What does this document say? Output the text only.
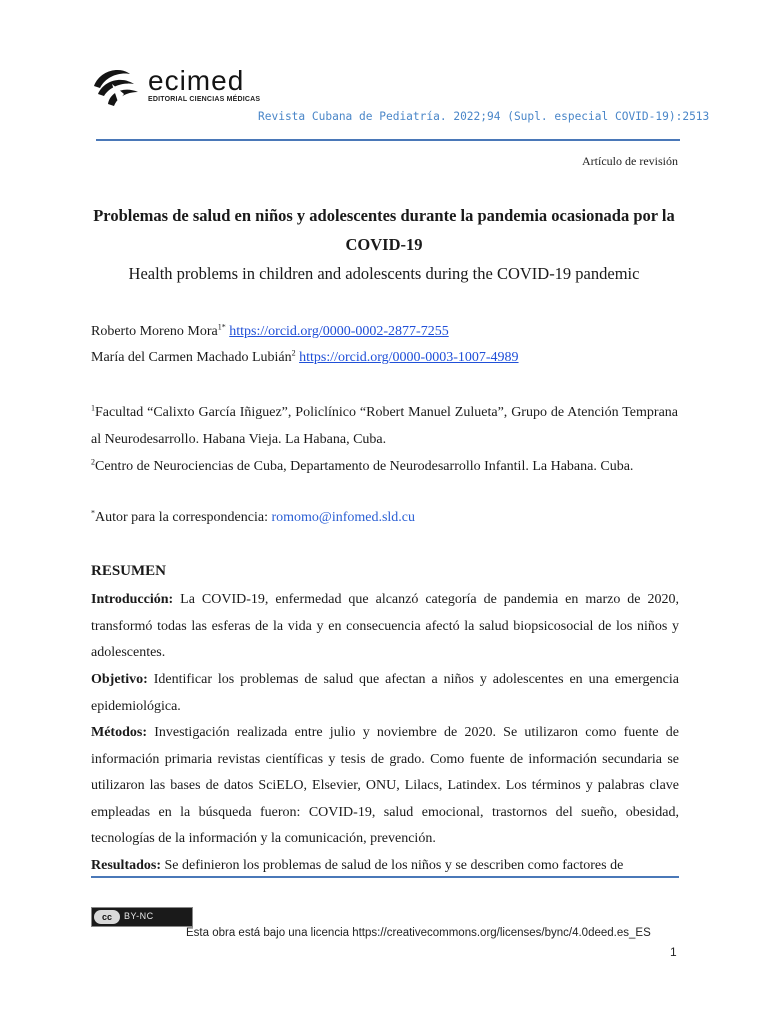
ecimed
EDITORIAL CIENCIAS MÉDICAS
Revista Cubana de Pediatría. 2022;94 (Supl. especial COVID-19):2513
Artículo de revisión
Problemas de salud en niños y adolescentes durante la pandemia ocasionada por la COVID-19
Health problems in children and adolescents during the COVID-19 pandemic
Roberto Moreno Mora$^{1*}$ https://orcid.org/0000-0002-2877-7255
María del Carmen Machado Lubián$^2$ https://orcid.org/0000-0003-1007-4989
$^1$Facultad “Calixto García Iñiguez”, Policlínico “Robert Manuel Zulueta”, Grupo de Atención Temprana al Neurodesarrollo. Habana Vieja. La Habana, Cuba.
$^2$Centro de Neurociencias de Cuba, Departamento de Neurodesarrollo Infantil. La Habana. Cuba.
*Autor para la correspondencia: romomo@infomed.sld.cu
RESUMEN
Introducción: La COVID-19, enfermedad que alcanzó categoría de pandemia en marzo de 2020, transformó todas las esferas de la vida y en consecuencia afectó la salud biopsicosocial de los niños y adolescentes.
Objetivo: Identificar los problemas de salud que afectan a niños y adolescentes en una emergencia epidemiológica.
Métodos: Investigación realizada entre julio y noviembre de 2020. Se utilizaron como fuente de información primaria revistas científicas y tesis de grado. Como fuente de información secundaria se utilizaron las bases de datos SciELO, Elsevier, ONU, Lilacs, Latindex. Los términos y palabras clave empleadas en la búsqueda fueron: COVID-19, salud emocional, trastornos del sueño, obesidad, tecnologías de la información y la comunicación, prevención.
Resultados: Se definieron los problemas de salud de los niños y se describen como factores de
cc	BY-NC
Esta obra está bajo una licencia https://creativecommons.org/licenses/bync/4.0deed.es_ES
1
